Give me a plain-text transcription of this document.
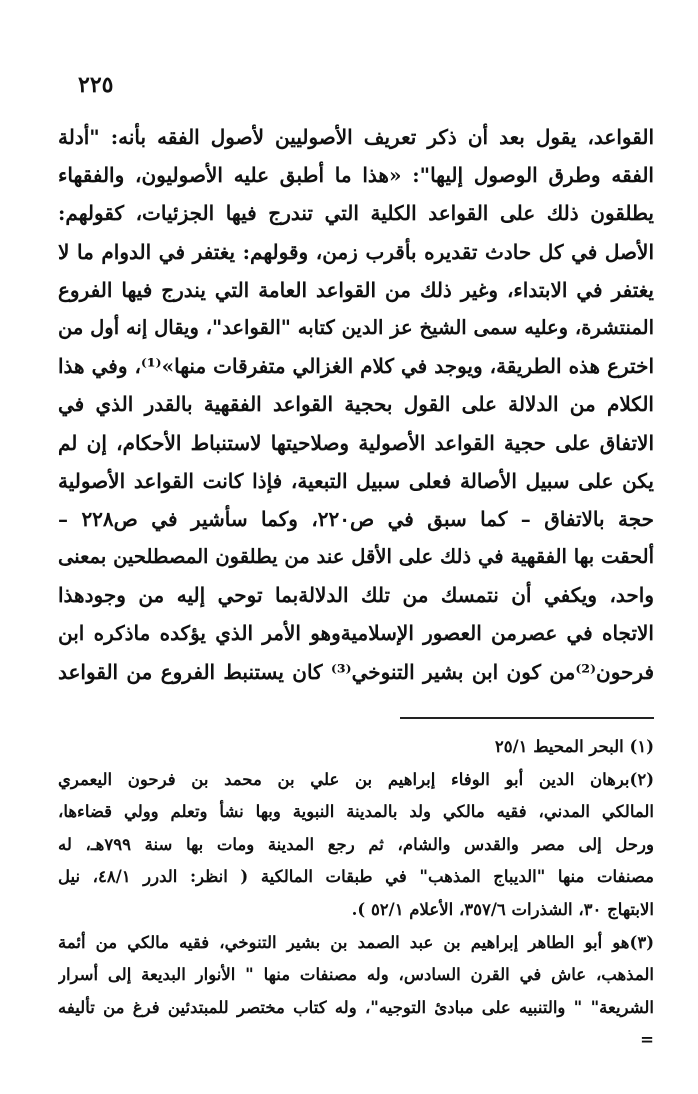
٢٢٥
القواعد، يقول بعد أن ذكر تعريف الأصوليين لأصول الفقه بأنه: "أدلة
الفقه وطرق الوصول إليها": «هذا ما أطبق عليه الأصوليون، والفقهاء
يطلقون ذلك على القواعد الكلية التي تندرج فيها الجزئيات، كقولهم:
الأصل في كل حادث تقديره بأقرب زمن، وقولهم: يغتفر في الدوام ما لا
يغتفر في الابتداء، وغير ذلك من القواعد العامة التي يندرج فيها الفروع
المنتشرة، وعليه سمى الشيخ عز الدين كتابه "القواعد"، ويقال إنه أول من
اخترع هذه الطريقة، ويوجد في كلام الغزالي متفرقات منها»⁽¹⁾، وفي هذا
الكلام من الدلالة على القول بحجية القواعد الفقهية بالقدر الذي في
الاتفاق على حجية القواعد الأصولية وصلاحيتها لاستنباط الأحكام، إن لم
يكن على سبيل الأصالة فعلى سبيل التبعية، فإذا كانت القواعد الأصولية
حجة بالاتفاق – كما سبق في ص٢٢٠، وكما سأشير في ص٢٢٨ –
ألحقت بها الفقهية في ذلك على الأقل عند من يطلقون المصطلحين بمعنى
واحد، ويكفي أن نتمسك من تلك الدلالةبما توحي إليه من وجودهذا
الاتجاه في عصرمن العصور الإسلاميةوهو الأمر الذي يؤكده ماذكره ابن
فرحون⁽²⁾من كون ابن بشير التنوخي⁽³⁾ كان يستنبط الفروع من القواعد
(١) البحر المحيط ٢٥/١
(٢)برهان الدين أبو الوفاء إبراهيم بن علي بن محمد بن فرحون اليعمري
المالكي المدني، فقيه مالكي ولد بالمدينة النبوية وبها نشأ وتعلم وولي قضاءها،
ورحل إلى مصر والقدس والشام، ثم رجع المدينة ومات بها سنة ٧٩٩هـ، له
مصنفات منها "الديباج المذهب" في طبقات المالكية ( انظر: الدرر ٤٨/١، نيل
الابتهاج ٣٠، الشذرات ٣٥٧/٦، الأعلام ٥٢/١ ).
(٣)هو أبو الطاهر إبراهيم بن عبد الصمد بن بشير التنوخي، فقيه مالكي من أئمة
المذهب، عاش في القرن السادس، وله مصنفات منها " الأنوار البديعة إلى أسرار
الشريعة" " والتنبيه على مبادئ التوجيه"، وله كتاب مختصر للمبتدئين فرغ من تأليفه
=
